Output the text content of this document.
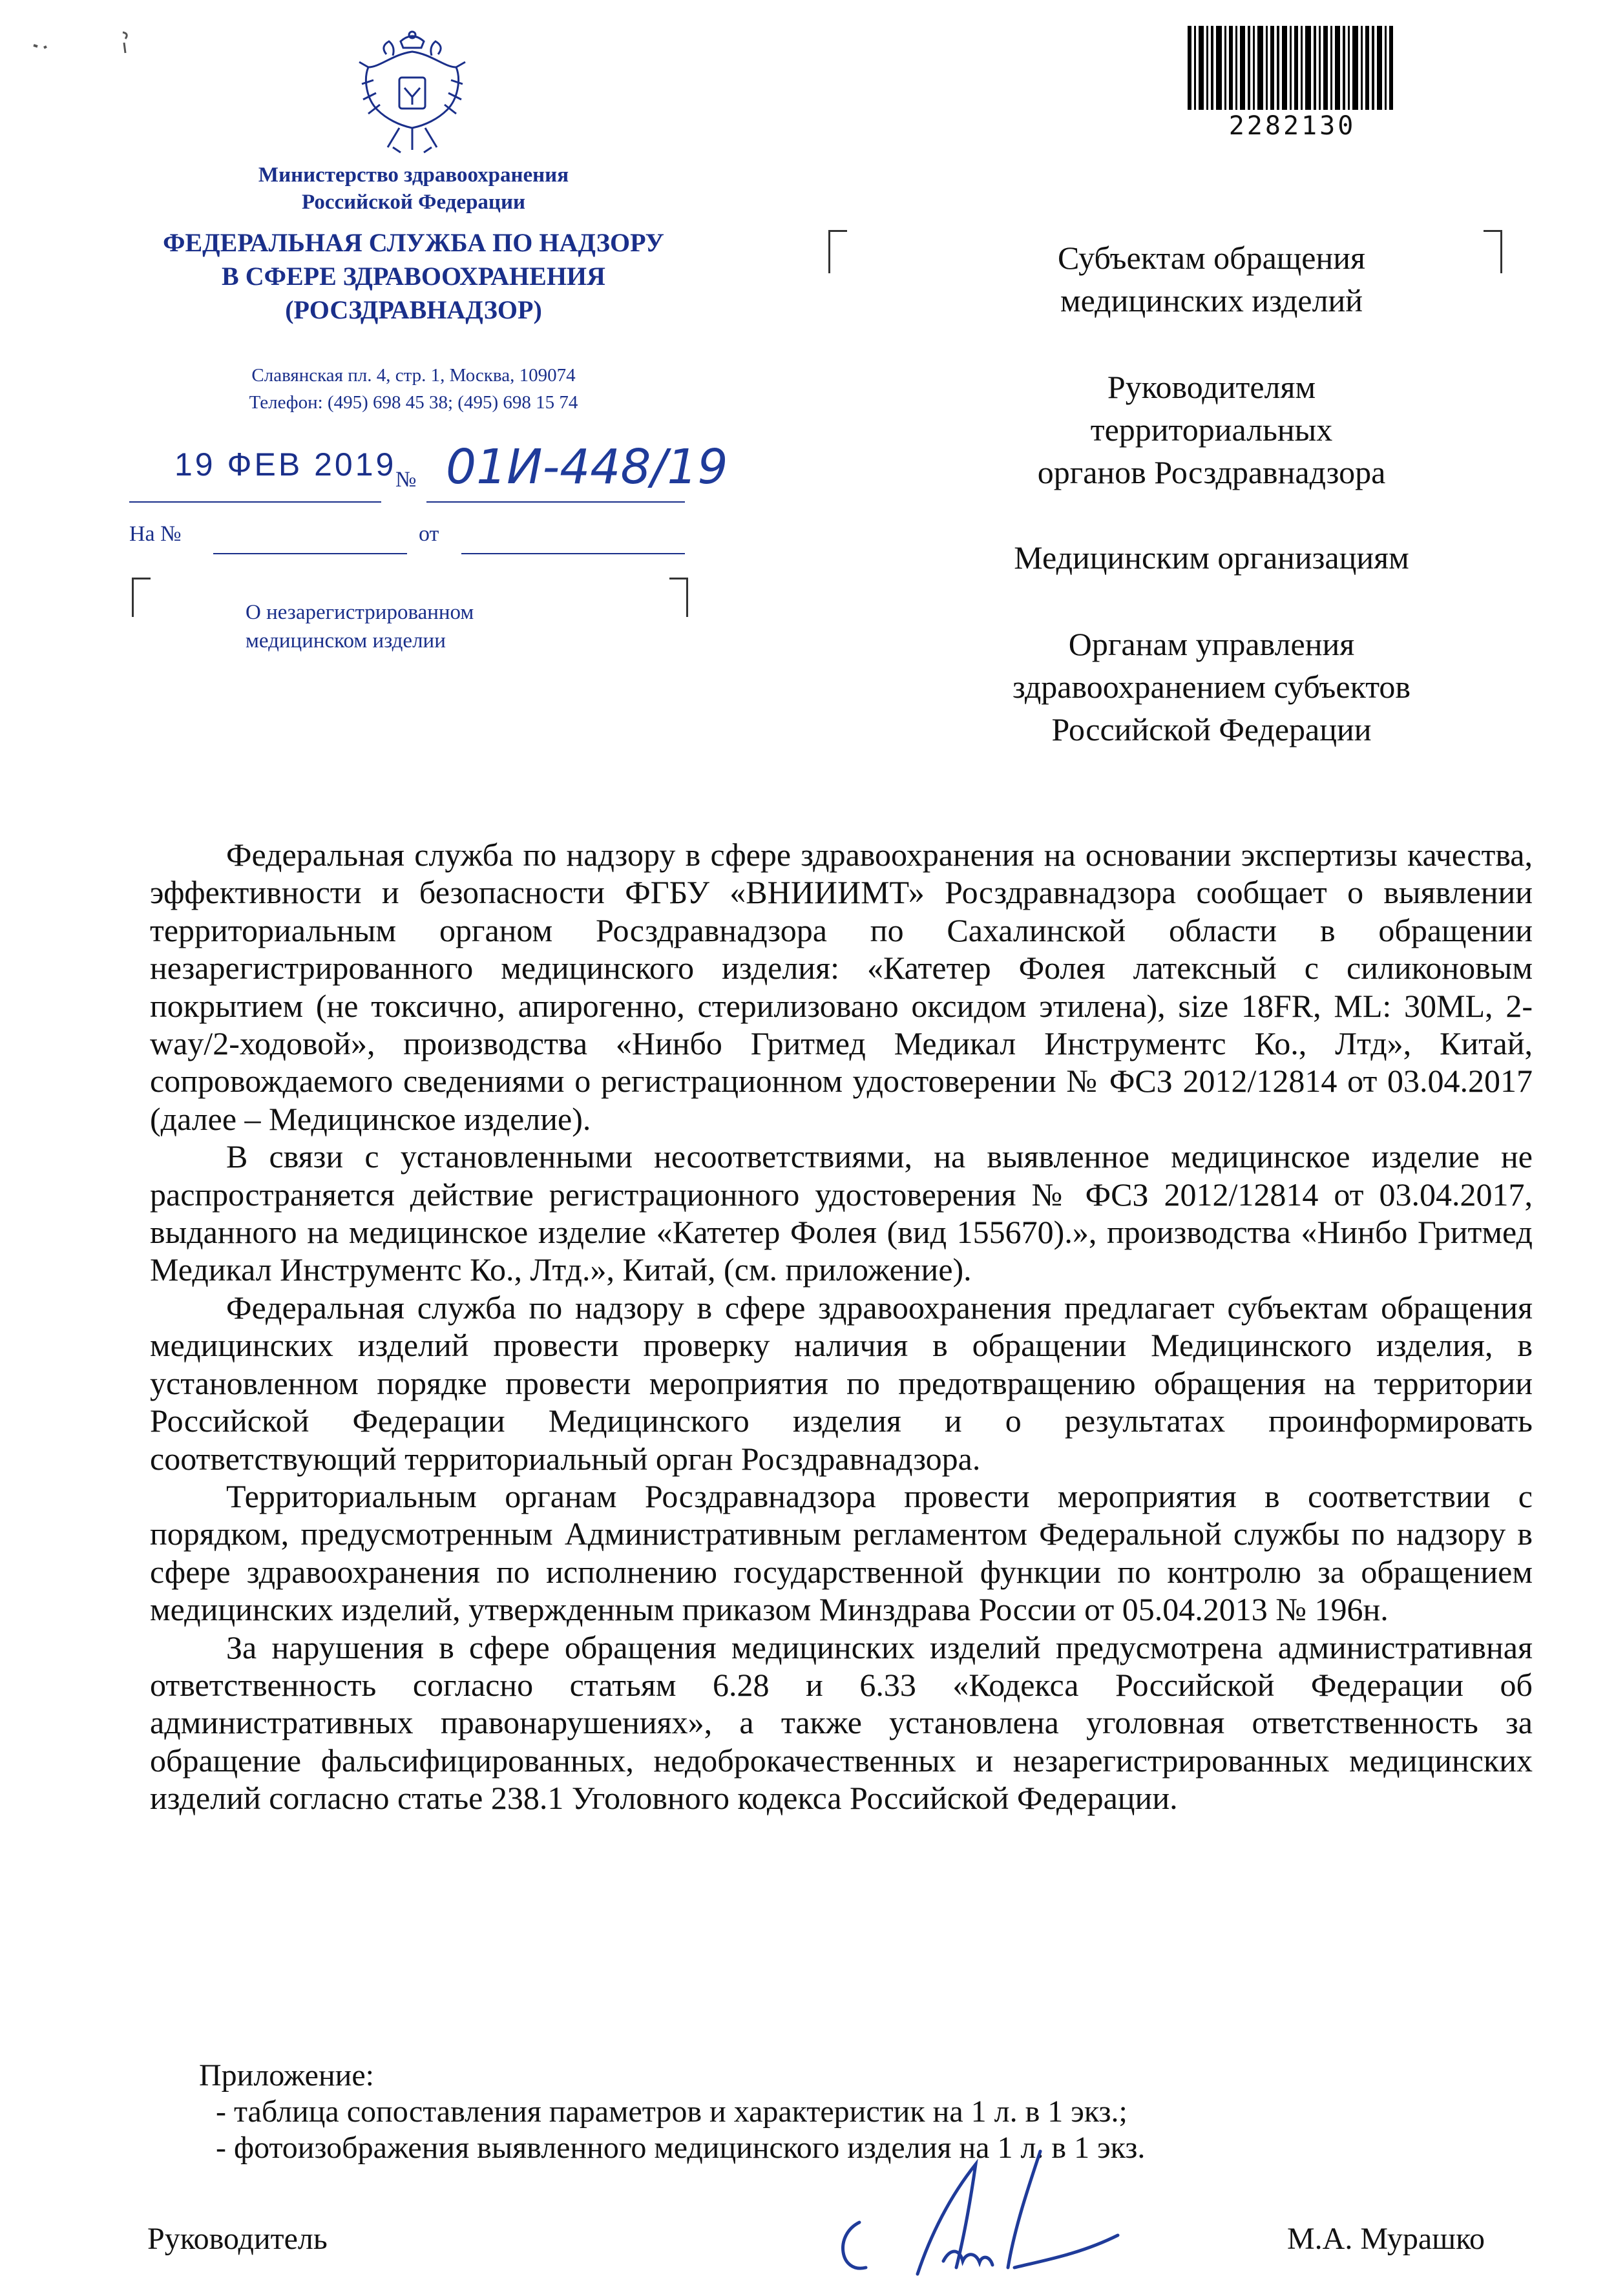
Министерство здравоохранения
Российской Федерации
ФЕДЕРАЛЬНАЯ СЛУЖБА ПО НАДЗОРУ
В СФЕРЕ ЗДРАВООХРАНЕНИЯ
(РОСЗДРАВНАДЗОР)
Славянская пл. 4, стр. 1, Москва, 109074
Телефон: (495) 698 45 38; (495) 698 15 74
19 ФЕВ 2019
№ 01И-448/19
На №	от
О незарегистрированном
медицинском изделии
2282130
Субъектам обращения
медицинских изделий
Руководителям
территориальных
органов Росздравнадзора
Медицинским организациям
Органам управления
здравоохранением субъектов
Российской Федерации

Федеральная служба по надзору в сфере здравоохранения на основании экспертизы качества, эффективности и безопасности ФГБУ «ВНИИИМТ» Росздравнадзора сообщает о выявлении территориальным органом Росздравнадзора по Сахалинской области в обращении незарегистрированного медицинского изделия: «Катетер Фолея латексный с силиконовым покрытием (не токсично, апирогенно, стерилизовано оксидом этилена), size 18FR, ML: 30ML, 2-way/2-ходовой», производства «Нинбо Гритмед Медикал Инструментс Ко., Лтд», Китай, сопровождаемого сведениями о регистрационном удостоверении № ФСЗ 2012/12814 от 03.04.2017 (далее – Медицинское изделие).

В связи с установленными несоответствиями, на выявленное медицинское изделие не распространяется действие регистрационного удостоверения № ФСЗ 2012/12814 от 03.04.2017, выданного на медицинское изделие «Катетер Фолея (вид 155670).», производства «Нинбо Гритмед Медикал Инструментс Ко., Лтд.», Китай, (см. приложение).

Федеральная служба по надзору в сфере здравоохранения предлагает субъектам обращения медицинских изделий провести проверку наличия в обращении Медицинского изделия, в установленном порядке провести мероприятия по предотвращению обращения на территории Российской Федерации Медицинского изделия и о результатах проинформировать соответствующий территориальный орган Росздравнадзора.

Территориальным органам Росздравнадзора провести мероприятия в соответствии с порядком, предусмотренным Административным регламентом Федеральной службы по надзору в сфере здравоохранения по исполнению государственной функции по контролю за обращением медицинских изделий, утвержденным приказом Минздрава России от 05.04.2013 № 196н.

За нарушения в сфере обращения медицинских изделий предусмотрена административная ответственность согласно статьям 6.28 и 6.33 «Кодекса Российской Федерации об административных правонарушениях», а также установлена уголовная ответственность за обращение фальсифицированных, недоброкачественных и незарегистрированных медицинских изделий согласно статье 238.1 Уголовного кодекса Российской Федерации.

Приложение:
- таблица сопоставления параметров и характеристик на 1 л. в 1 экз.;
- фотоизображения выявленного медицинского изделия на 1 л. в 1 экз.
Руководитель	М.А. Мурашко
